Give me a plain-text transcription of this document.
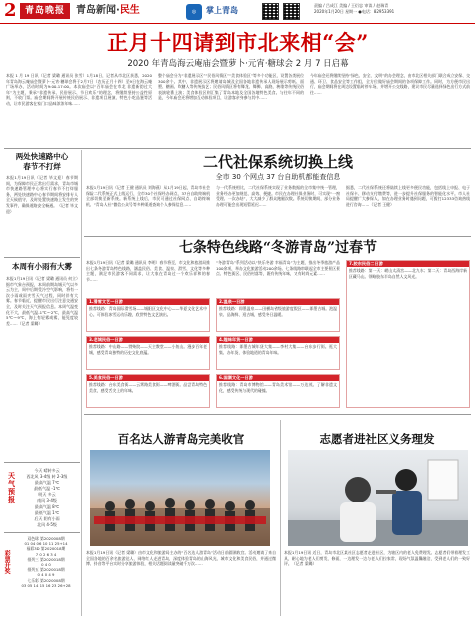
2 青岛晚报	青岛新闻·民生	◎	掌上青岛
责编 / 吕成江 美编 / 王衍忠 审读 / 赵瑞青
2020年1月20日 星期一 ●电话：82953391
正月十四请到市北来相“会”
2020 年青岛海云庵庙会暨萝卜·元宵·糖球会 2 月 7 日启幕
本报 1 月 19 日讯（记者 梁璐 通讯员 张雪）1月18日，记者从市北区获悉，2020年青岛海云庵庙会暨萝卜·元宵·糖球会将于2月7日（农历正月十四）至9日在海云庵广场举办，活动时间为9:00-17:00。本次庙会以“百年庙会在市北 非遗新韵过大年”为主题，秉承“非遗传承、民俗展示、节日欢乐”的理念，将继续坚持公益性原则，不收门票。庙会期间将开展传统民俗展示、非遗项目展演、特色小吃品鉴等活动，让市民游客在家门口品味浓浓年味……
整个庙会分为“非遗展示区”“民俗风情区”“美食体验区”等多个功能区，设置各类展位300余个。其中，非遗展示区将邀请岛城及全国各地非遗传承人现场展示剪纸、面塑、糖画、吹糖人等传统技艺；民俗风情区将有舞龙、舞狮、高跷、秧歌等传统民俗表演轮番上演；美食体验区则汇集了青岛本地及全国各地特色美食。与往年不同的是，今年庙会还将增加互动体验项目，让游客亲身参与其中……
今年庙会还将继续坚持“绿色、安全、文明”的办会理念，由市北区相关部门联合成立安保、交通、环卫、食品安全等工作组，全方位做好庙会期间的各项保障工作。同时，为方便市民出行，庙会期间将在周边设置临时停车场，并增开公交线路，建议市民尽量选择绿色出行方式前往……
两处快速路中心
春节不打烊
本报1月19日讯（记者 毕文迎）春节期间，为保障市民正常出行需求，青岛市城市快速路管理中心将实行春节不打烊服务，两处快速路中心春节期间将安排专人全天候值守，及时处置快速路上发生的突发事件，确保道路安全畅通。（记者 毕文迎）
本周有小雨有大雾
本报1月19日讯（记者 梁璐 通讯员 何立）据市气象台预报，本周前期岛城天气以多云为主，周中后期受冷空气影响，将有一次小雨或雨夹雪天气过程，同时伴有大雾。春节临近，提醒市民出行注意交通安全，及时关注天气预报信息。本周气温变化不大，最低气温-1℃～2℃，最高气温5℃～9℃，海上有轻雾或雾，能见度较差……（记者 梁璐）
天气预报
今天 晴转多云
西北风 3-4级 转 2-3级
最高气温 7℃
最低气温 -1℃
明天 多云
南风 3-4级
最高气温 8℃
最低气温 1℃
后天 阴有小雨
北风 4-5级
彩票开奖
双色球 第2020008期
01 04 06 10 11 25+14
福彩3D 第2020018期
7 0 2 6 3 4
排列三 第2020018期
0 4 0
排列五 第2020018期
0 4 0 4 9
七乐彩 第2020008期
03 05 14 15 16 23 26+28
二代社保系统切换上线
全市 30 个网点 37 台自助机都能查信息
本报1月19日讯（记者 王健 通讯员 刘海燕）从1月19日起，青岛市社会保险二代系统正式上线运行，全市30个社保经办网点、37台自助终端机全部切换至新系统。新系统上线后，市民可通过社保网点、自助终端机、“青岛人社”微信公众号等多种渠道查询个人参保信息……
与一代系统相比，二代社保系统实现了业务数据的全市集中统一管理，业务经办更加规范、高效、便捷。市民在办理社保业务时，可实现“一窗受理、一次办结”，大大减少了群众跑腿次数。系统切换期间，部分业务办理可能会出现短暂延迟……
据悉，二代社保系统还将陆续上线更多便民功能，包括线上申报、电子社保卡、移动支付缴费等，进一步提升社保服务的智能化水平。市人社局提醒广大参保人，如在办理业务时遇到问题，可拨打12333咨询热线进行咨询……（记者 王健）
七条特色线路“冬游青岛”过春节
本报1月19日讯（记者 梁璐 通讯员 李明）春节将至，市文化和旅游局推出七条冬游青岛特色线路，涵盖民俗、美食、温泉、滑雪、文化等多种主题，满足市民游客不同需求，让大家在青岛过一个欢乐祥和的春节……
“冬游青岛”系列活动以“快乐冬游 幸福青岛”为主题，推出冬季旅游产品100余项，举办文化旅游活动200余场。七条线路串联起全市主要景区景点、特色街区、民俗村落等，既有传统年味，又有时尚元素……
1.滑雪文艺一日游
推荐线路：青岛国际滑雪场——城阳区文化中心——华夏文化艺术中心。可体验冰雪运动乐趣，欣赏特色文艺演出。
3.老城民俗一日游
推荐线路：中山路——劈柴院——天主教堂——小鱼山。漫步百年老城，感受青岛独特的历史文化底蕴。
5.美食民俗一日游
推荐线路：台东美食街——云霄路美食街——啤酒街。品尝青岛特色美食，感受舌尖上的年味。
2.温泉一日游
推荐线路：即墨温泉——田横岛省级旅游度假区——即墨古城。泡温泉、品海鲜、逛古城，感受冬日温暖。
4.趣味年货一日游
推荐线路：即墨古城年货大集——李村大集——台东步行街。逛大集、办年货，体验地道的青岛年味。
6.国潮文化一日游
推荐线路：青岛市博物馆——青岛美术馆——万达茂。了解非遗文化，感受传统与现代的碰撞。
7.胶东民俗二日游
推荐线路：第一天：崂山太清宫——北九水；第二天：青岛西海岸新区藏马山。领略胶东半岛自然人文风光。
百名达人游青岛完美收官
本报1月19日讯（记者 梁璐）由市文化和旅游局主办的“百名达人游青岛”活动日前圆满收官。活动邀请了来自全国各地的百余名旅游达人、网络红人走进青岛，深度体验青岛的山海风光、城市文化和美食民俗，并通过微博、抖音等平台实时分享旅游体验，相关话题阅读量突破千万次……
志愿者进社区义务理发
本报1月19日讯 近日，青岛市北区某社区志愿者走进社区，为辖区内的老人免费理发。志愿者们带着理发工具，耐心地为老人们剪发、修面，一边理发一边与老人们拉家常，现场气氛温馨融洽，受到老人们的一致好评。（记者 梁璐）
